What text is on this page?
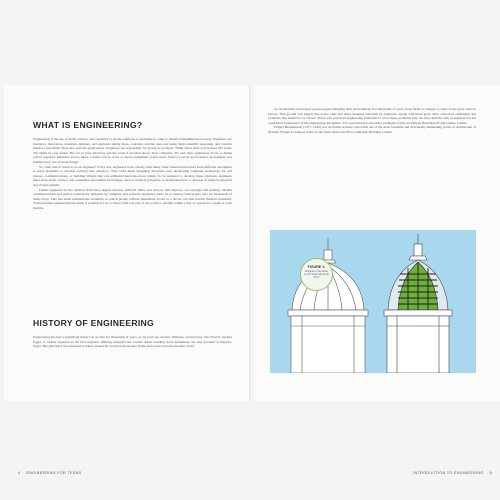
WHAT IS ENGINEERING?

Engineering is the use of math, science, and creativity to devise solutions to problems in order to benefit humankind and society. Engineers are inventors, innovators, scientists, builders, and explorers taking ideas, concepts, and the ones and using them scientific reasoning, and creative minds to turn them. Ideas into real life applications. Engineers are responsible for giving us so much. Think about what you've used this week: The lights in your home. The car in your driveway and the roads it traveled down. Your computer, TV, and other appliances. Food or drinks you've ingested. Medicine you've taken. Clothes you've worn or sports equipment you've used. There's a pretty good chance an engineer was behind every one of those things.

So, what does it mean to be an engineer? Every day, engineers work closely with many other talented innovators from different disciplines to solve problems or develop exciting new advances. This could mean designing driverless cars, developing computer technology for cell phones, communications, or building bridges that can withstand hurricane-force winds. To be prepared to develop these solutions, engineers must learn math, science, and sometimes specialized knowledge, such as medical principles to understand how to develop or improve physical and virtual systems.

Unlike engineers in the medical field have helped develop artificial limbs and devices that improve our eyesight and hearing. Mobile communications and global connectivity designed by computer and software engineers allow us to interact with people who are thousands of miles away. This has made telemedicine available, in which people without immediate access to a doctor can still receive medical treatment. Transportation engineering has made it possible for us to travel from one part of the world to another within a day as opposed to weeks or even months.

HISTORY OF ENGINEERING

Engineering has had a significant impact on society for thousands of years, so its roots are ancient. Imhotep, an innovator who lived in ancient Egypt, is widely regarded as the first engineer. Imhotep designed the world's oldest standing stone monument, the step pyramid at Saqqara, Egypt. His principles have inspired workers around the world, from ancient Rome and Greece into the modern world.

4 ENGINEERING FOR TEENS

As civilizations developed, people began reshaping their environment. For thousands of years, from farms to villages to some of the great cities in history. This growth was largely due to the trade and ships designed and built by engineers. Along with these great cities came new challenges and problems that needed to be solved. Those who practiced engineering principles to solve these problems may not have held the title of engineer but are considered forerunners of the engineering disciplines. Two particularly noteworthy examples of this are Filippo Brunelleschi and Galileo Galilei.

Filippo Brunelleschi (1377–1446) was an Italian architect who built one of the most beautiful and structurally demanding works of architecture of all time: Florence's famous dome on the Santa Maria del Fiore cathedral. Building a dome

INTRODUCTION TO ENGINEERING 5
FIGURE 1:
Diagram of the dome on the Santa Maria del Fiore
